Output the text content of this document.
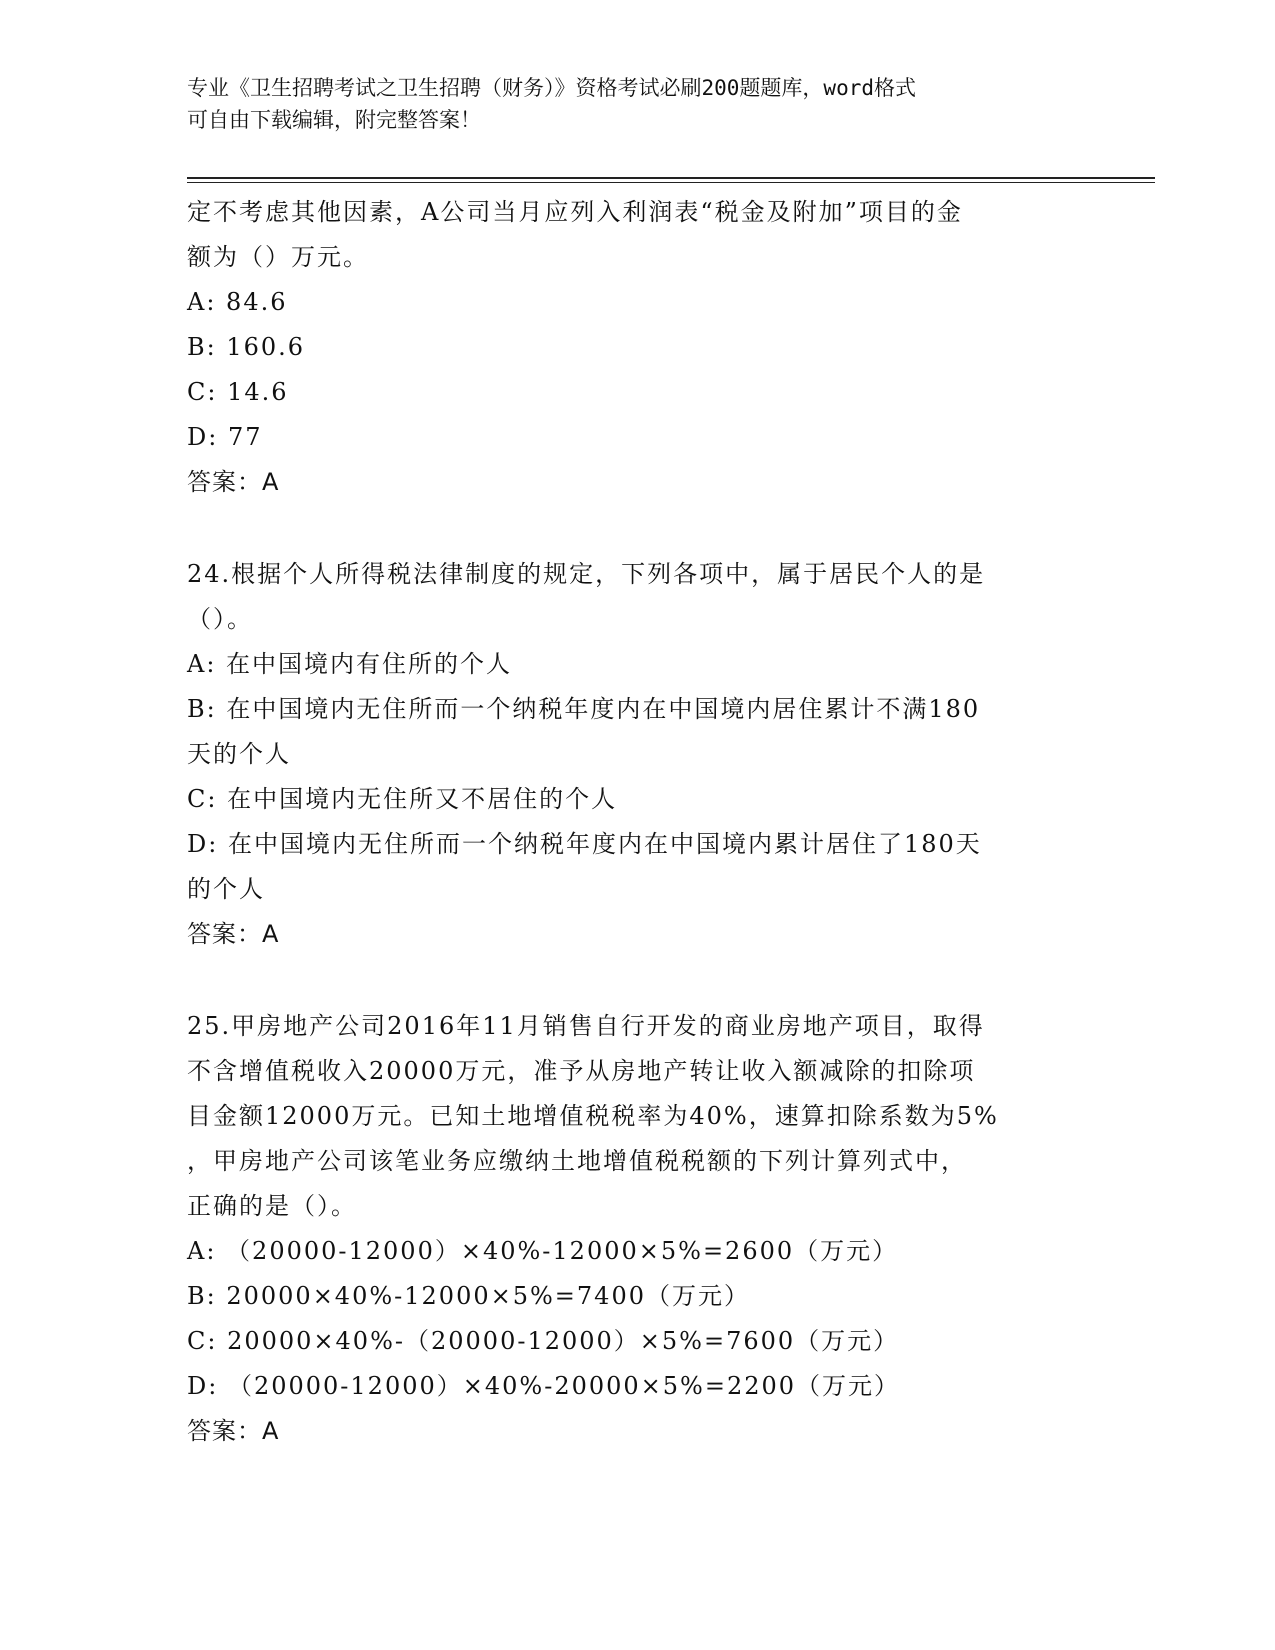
专业《卫生招聘考试之卫生招聘（财务）》资格考试必刷200题题库，word格式
可自由下载编辑，附完整答案！
定不考虑其他因素，A公司当月应列入利润表“税金及附加”项目的金
额为（）万元。
A: 84.6
B: 160.6
C: 14.6
D: 77
答案：A
24.根据个人所得税法律制度的规定，下列各项中，属于居民个人的是
（）。
A: 在中国境内有住所的个人
B: 在中国境内无住所而一个纳税年度内在中国境内居住累计不满180
天的个人
C: 在中国境内无住所又不居住的个人
D: 在中国境内无住所而一个纳税年度内在中国境内累计居住了180天
的个人
答案：A
25.甲房地产公司2016年11月销售自行开发的商业房地产项目，取得
不含增值税收入20000万元，准予从房地产转让收入额减除的扣除项
目金额12000万元。已知土地增值税税率为40%，速算扣除系数为5%
，甲房地产公司该笔业务应缴纳土地增值税税额的下列计算列式中，
正确的是（）。
A: （20000-12000）×40%-12000×5%=2600（万元）
B: 20000×40%-12000×5%=7400（万元）
C: 20000×40%-（20000-12000）×5%=7600（万元）
D: （20000-12000）×40%-20000×5%=2200（万元）
答案：A
